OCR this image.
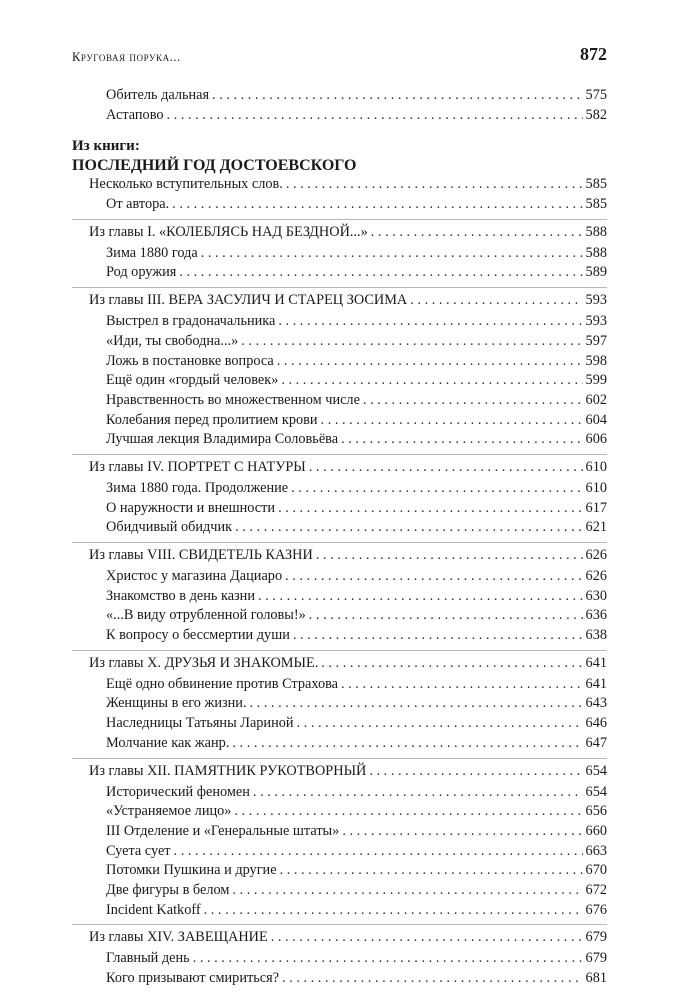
Круговая порука...	872
Обитель дальная . . .	575
Астапово . . .	582
Из книги:
ПОСЛЕДНИЙ ГОД ДОСТОЕВСКОГО
Несколько вступительных слов. . . .	585
От автора. . . .	585
Из главы I. «КОЛЕБЛЯСЬ НАД БЕЗДНОЙ...» . . .	588
Зима 1880 года . . .	588
Род оружия . . .	589
Из главы III. ВЕРА ЗАСУЛИЧ И СТАРЕЦ ЗОСИМА . . .	593
Выстрел в градоначальника . . .	593
«Иди, ты свободна...» . . .	597
Ложь в постановке вопроса . . .	598
Ещё один «гордый человек» . . .	599
Нравственность во множественном числе . . .	602
Колебания перед пролитием крови . . .	604
Лучшая лекция Владимира Соловьёва . . .	606
Из главы IV. ПОРТРЕТ С НАТУРЫ . . .	610
Зима 1880 года. Продолжение . . .	610
О наружности и внешности . . .	617
Обидчивый обидчик . . .	621
Из главы VIII. СВИДЕТЕЛЬ КАЗНИ . . .	626
Христос у магазина Дациаро . . .	626
Знакомство в день казни . . .	630
«...В виду отрубленной головы!» . . .	636
К вопросу о бессмертии души . . .	638
Из главы X. ДРУЗЬЯ И ЗНАКОМЫЕ. . . .	641
Ещё одно обвинение против Страхова . . .	641
Женщины в его жизни. . . .	643
Наследницы Татьяны Лариной . . .	646
Молчание как жанр. . . .	647
Из главы XII. ПАМЯТНИК РУКОТВОРНЫЙ . . .	654
Исторический феномен . . .	654
«Устраняемое лицо» . . .	656
III Отделение и «Генеральные штаты» . . .	660
Суета сует . . .	663
Потомки Пушкина и другие . . .	670
Две фигуры в белом . . .	672
Incident Katkoff . . .	676
Из главы XIV. ЗАВЕЩАНИЕ . . .	679
Главный день . . .	679
Кого призывают смириться? . . .	681
